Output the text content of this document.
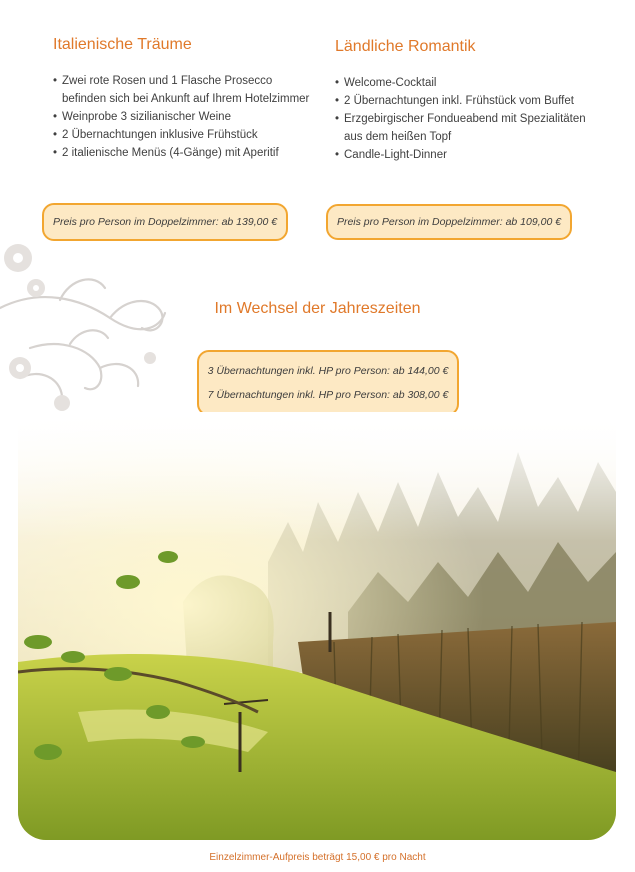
Italienische Träume
• Zwei rote Rosen und 1 Flasche Prosecco
befinden sich bei Ankunft auf Ihrem Hotelzimmer
• Weinprobe 3 sizilianischer Weine
• 2 Übernachtungen inklusive Frühstück
• 2 italienische Menüs (4-Gänge) mit Aperitif
Preis pro Person im Doppelzimmer: ab 139,00 €
Ländliche Romantik
• Welcome-Cocktail
• 2 Übernachtungen inkl. Frühstück vom Buffet
• Erzgebirgischer Fondueabend mit Spezialitäten
aus dem heißen Topf
• Candle-Light-Dinner
Preis pro Person im Doppelzimmer: ab 109,00 €
Im Wechsel der Jahreszeiten
3 Übernachtungen inkl. HP pro Person: ab 144,00 €
7 Übernachtungen inkl. HP pro Person: ab 308,00 €
Einzelzimmer-Aufpreis beträgt 15,00 € pro Nacht
